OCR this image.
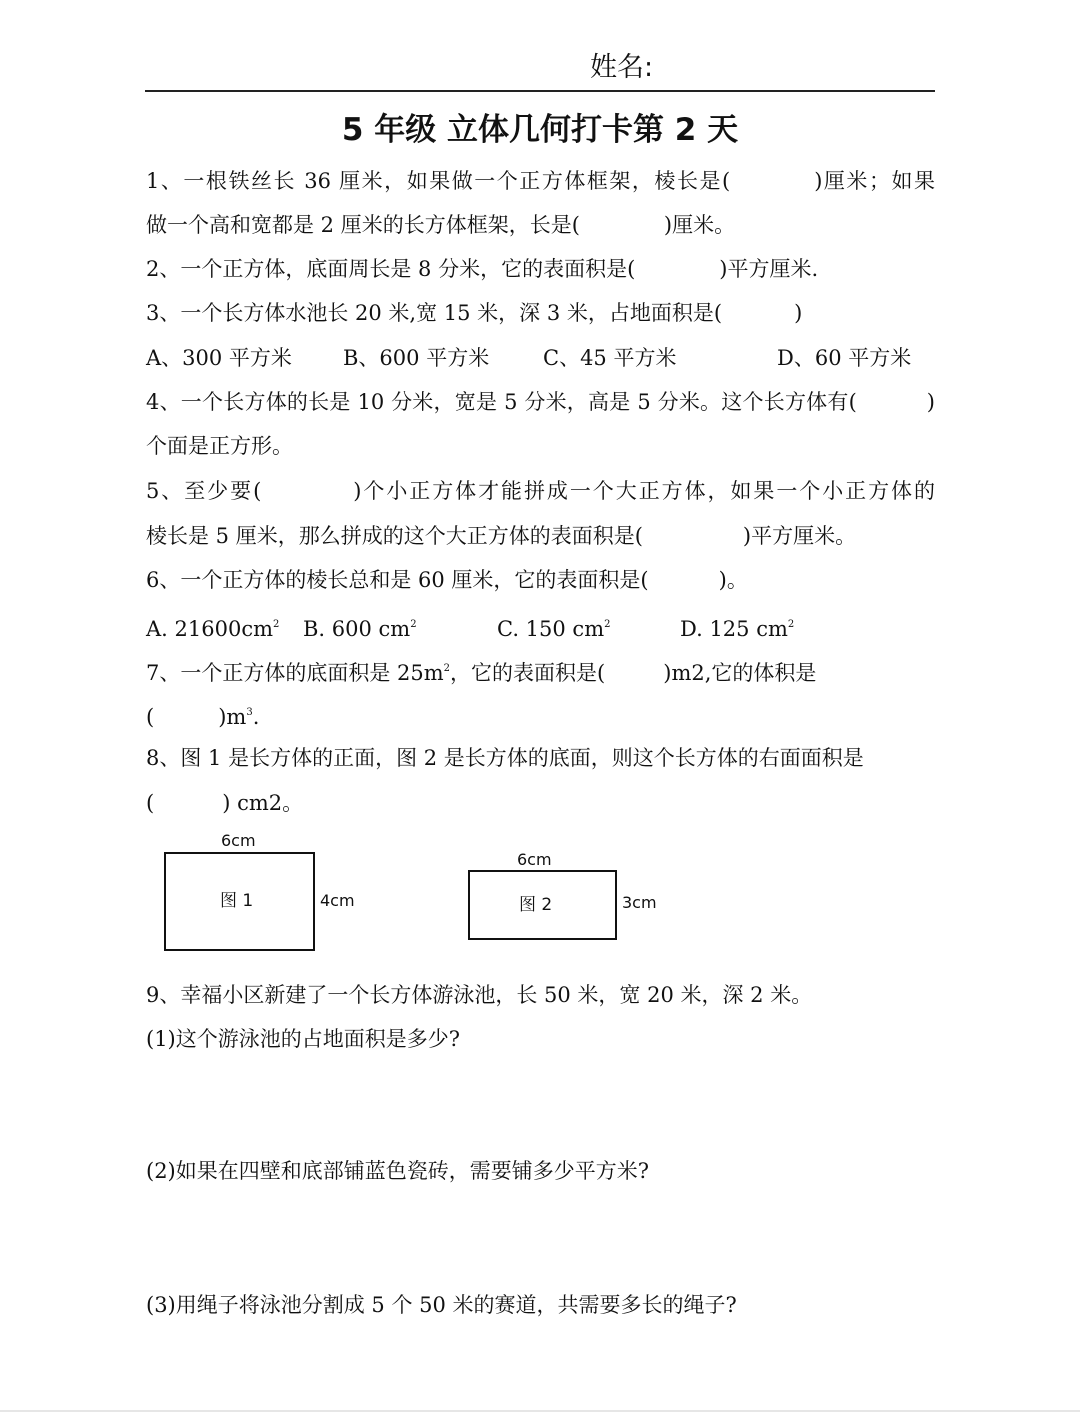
姓名:
5 年级 立体几何打卡第 2 天
1、一根铁丝长 36 厘米，如果做一个正方体框架，棱长是(	)厘米；如果
做一个高和宽都是 2 厘米的长方体框架，长是(	)厘米。
2、一个正方体，底面周长是 8 分米，它的表面积是(	)平方厘米.
3、一个长方体水池长 20 米,宽 15 米，深 3 米，占地面积是(	)
A、300 平方米 B、600 平方米	C、45 平方米	D、60 平方米
4、一个长方体的长是 10 分米，宽是 5 分米，高是 5 分米。这个长方体有(	)
个面是正方形。
5、至少要(	)个小正方体才能拼成一个大正方体，如果一个小正方体的
棱长是 5 厘米，那么拼成的这个大正方体的表面积是(	)平方厘米。
6、一个正方体的棱长总和是 60 厘米，它的表面积是(	)。
A. $21600cm^2$ B. 600 $cm^2$	C. 150 $cm^2$	D. 125 $cm^2$
7、一个正方体的底面积是 $25m^2$，它的表面积是(	)m2,它的体积是
(	)$m^3$.
8、图 1 是长方体的正面，图 2 是长方体的底面，则这个长方体的右面面积是
(	) cm2。
6cm
图 1	4cm
6cm
图 2	3cm
9、幸福小区新建了一个长方体游泳池，长 50 米，宽 20 米，深 2 米。
(1)这个游泳池的占地面积是多少?
(2)如果在四壁和底部铺蓝色瓷砖，需要铺多少平方米?
(3)用绳子将泳池分割成 5 个 50 米的赛道，共需要多长的绳子?
